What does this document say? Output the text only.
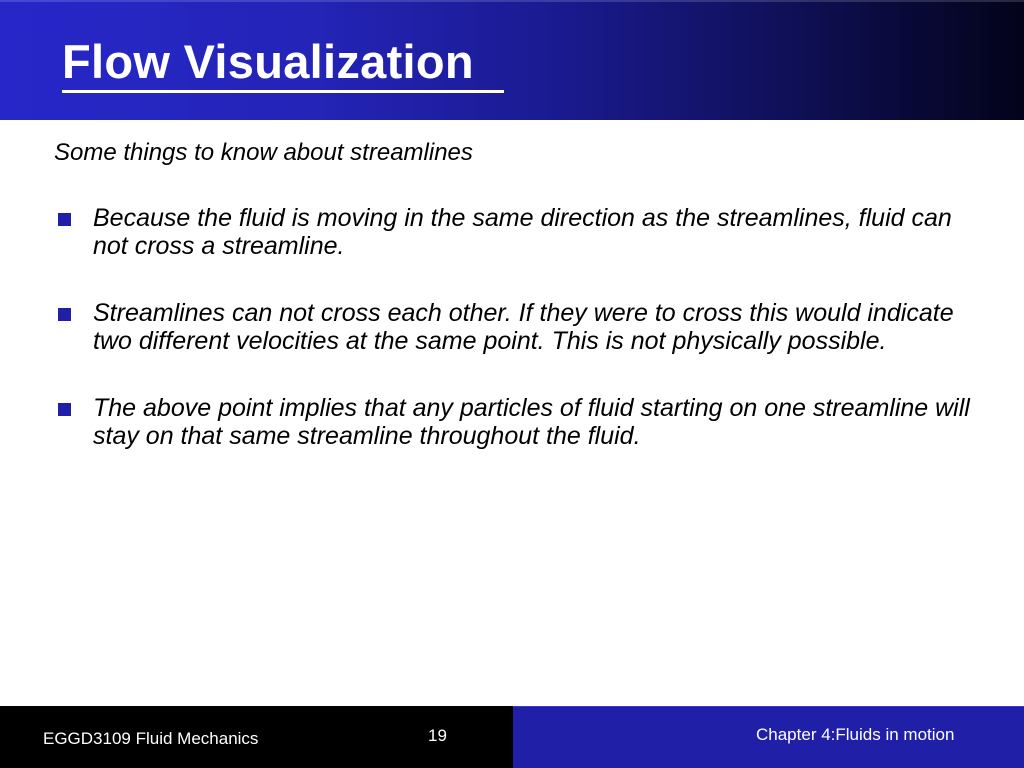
Flow Visualization

Some things to know about streamlines

Because the fluid is moving in the same direction as the streamlines, fluid can not cross a streamline.
Streamlines can not cross each other. If they were to cross this would indicate two different velocities at the same point. This is not physically possible.
The above point implies that any particles of fluid starting on one streamline will stay on that same streamline throughout the fluid.
EGGD3109 Fluid Mechanics	19	Chapter 4:Fluids in motion
